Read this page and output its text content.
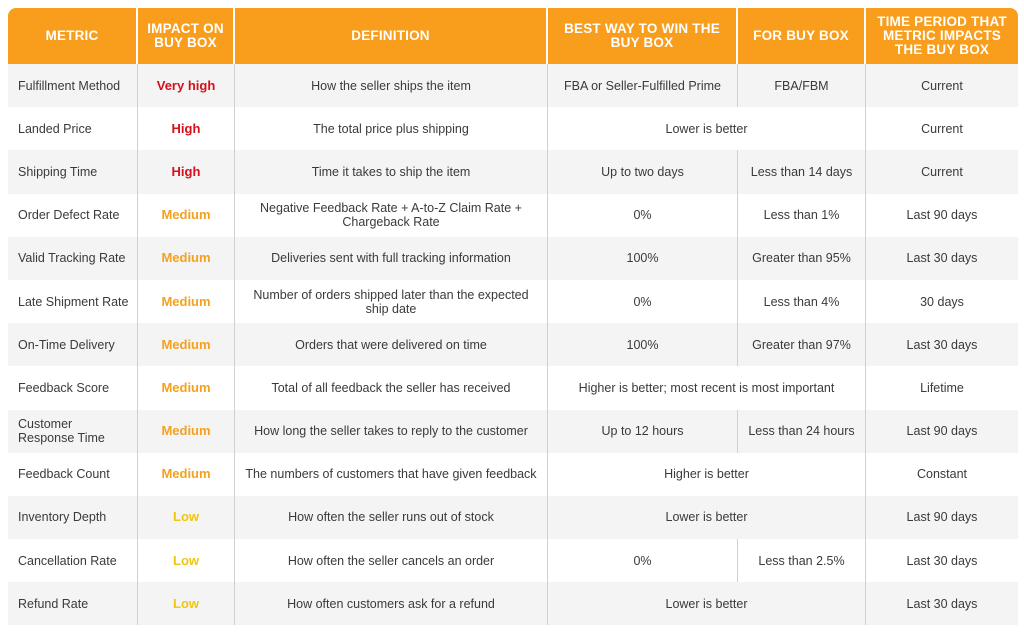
METRIC	IMPACT ON BUY BOX	DEFINITION	BEST WAY TO WIN THE BUY BOX	FOR BUY BOX	TIME PERIOD THAT METRIC IMPACTS THE BUY BOX
Fulfillment Method	Very high	How the seller ships the item	FBA or Seller-Fulfilled Prime	FBA/FBM	Current
Landed Price	High	The total price plus shipping	Lower is better		Current
Shipping Time	High	Time it takes to ship the item	Up to two days	Less than 14 days	Current
Order Defect Rate	Medium	Negative Feedback Rate + A-to-Z Claim Rate + Chargeback Rate	0%	Less than 1%	Last 90 days
Valid Tracking Rate	Medium	Deliveries sent with full tracking information	100%	Greater than 95%	Last 30 days
Late Shipment Rate	Medium	Number of orders shipped later than the expected ship date	0%	Less than 4%	30 days
On-Time Delivery	Medium	Orders that were delivered on time	100%	Greater than 97%	Last 30 days
Feedback Score	Medium	Total of all feedback the seller has received	Higher is better; most recent is most important		Lifetime
Customer Response Time	Medium	How long the seller takes to reply to the customer	Up to 12 hours	Less than 24 hours	Last 90 days
Feedback Count	Medium	The numbers of customers that have given feedback	Higher is better		Constant
Inventory Depth	Low	How often the seller runs out of stock	Lower is better		Last 90 days
Cancellation Rate	Low	How often the seller cancels an order	0%	Less than 2.5%	Last 30 days
Refund Rate	Low	How often customers ask for a refund	Lower is better		Last 30 days
